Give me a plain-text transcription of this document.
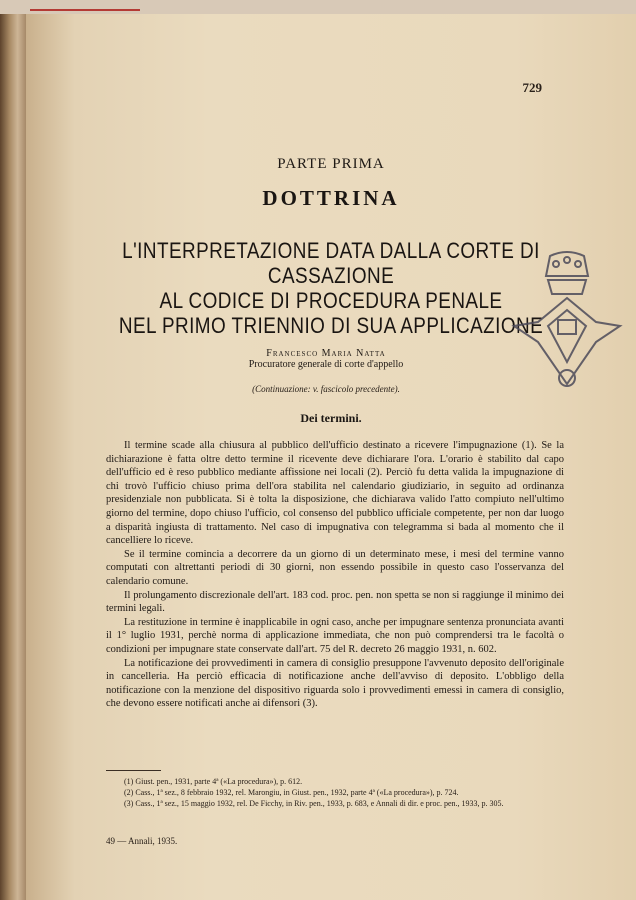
729
PARTE PRIMA
DOTTRINA
L'INTERPRETAZIONE DATA DALLA CORTE DI CASSAZIONE
AL CODICE DI PROCEDURA PENALE
NEL PRIMO TRIENNIO DI SUA APPLICAZIONE
Francesco Maria Natta
Procuratore generale di corte d'appello
(Continuazione: v. fascicolo precedente).
Dei termini.

Il termine scade alla chiusura al pubblico dell'ufficio destinato a ricevere l'impugnazione (1). Se la dichiarazione è fatta oltre detto termine il ricevente deve dichiarare l'ora. L'orario è stabilito dal capo dell'ufficio ed è reso pubblico mediante affissione nei locali (2). Perciò fu detta valida la impugnazione di chi trovò l'ufficio chiuso prima dell'ora stabilita nel calendario giudiziario, in seguito ad ordinanza presidenziale non pubblicata. Si è tolta la disposizione, che dichiarava valido l'atto compiuto nell'ultimo giorno del termine, dopo chiuso l'ufficio, col consenso del pubblico ufficiale competente, per non dar luogo a disparità ingiusta di trattamento. Nel caso di impugnativa con telegramma si bada al momento che il cancelliere lo riceve.

Se il termine comincia a decorrere da un giorno di un determinato mese, i mesi del termine vanno computati con altrettanti periodi di 30 giorni, non essendo possibile in questo caso l'osservanza del calendario comune.

Il prolungamento discrezionale dell'art. 183 cod. proc. pen. non spetta se non si raggiunge il minimo dei termini legali.

La restituzione in termine è inapplicabile in ogni caso, anche per impugnare sentenza pronunciata avanti il 1° luglio 1931, perchè norma di applicazione immediata, che non può comprendersi tra le facoltà o condizioni per impugnare state conservate dall'art. 75 del R. decreto 26 maggio 1931, n. 602.

La notificazione dei provvedimenti in camera di consiglio presuppone l'avvenuto deposito dell'originale in cancelleria. Ha perciò efficacia di notificazione anche dell'avviso di deposito. L'obbligo della notificazione con la menzione del dispositivo riguarda solo i provvedimenti emessi in camera di consiglio, che devono essere notificati anche ai difensori (3).

(1) Giust. pen., 1931, parte 4ª («La procedura»), p. 612.

(2) Cass., 1ª sez., 8 febbraio 1932, rel. Marongiu, in Giust. pen., 1932, parte 4ª («La procedura»), p. 724.

(3) Cass., 1ª sez., 15 maggio 1932, rel. De Ficchy, in Riv. pen., 1933, p. 683, e Annali di dir. e proc. pen., 1933, p. 305.

49 — Annali, 1935.
